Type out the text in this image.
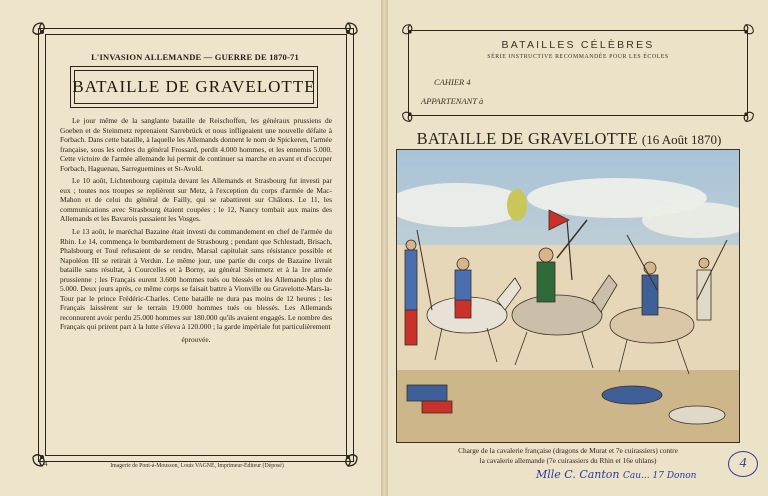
L'INVASION ALLEMANDE — GUERRE DE 1870-71
BATAILLE DE GRAVELOTTE

Le jour même de la sanglante bataille de Reischoffen, les généraux prussiens de Goeben et de Steinmetz reprenaient Sarrebrück et nous infligeaient une nouvelle défaite à Forbach. Dans cette bataille, à laquelle les Allemands donnent le nom de Spickeren, l'armée française, sous les ordres du général Frossard, perdit 4.000 hommes, et les ennemis 5.000. Cette victoire de l'armée allemande lui permit de continuer sa marche en avant et d'occuper Forbach, Haguenau, Sarreguemines et St-Avold.

Le 10 août, Lichtenbourg capitula devant les Allemands et Strasbourg fut investi par eux ; toutes nos troupes se replièrent sur Metz, à l'exception du corps d'armée de Mac-Mahon et de celui du général de Failly, qui se rabattirent sur Châlons. Le 11, les communications avec Strasbourg étaient coupées ; le 12, Nancy tombait aux mains des Allemands et les Bavarois passaient les Vosges.

Le 13 août, le maréchal Bazaine était investi du commandement en chef de l'armée du Rhin. Le 14, commença le bombardement de Strasbourg ; pendant que Schlestadt, Brisach, Phalsbourg et Toul refusaient de se rendre, Marsal capitulait sans résistance possible et Napoléon III se retirait à Verdun. Le même jour, une partie du corps de Bazaine livrait bataille sans résultat, à Courcelles et à Borny, au général Steinmetz et à la 1re armée prussienne ; les Français eurent 3.600 hommes tués ou blessés et les Allemands plus de 5.000. Deux jours après, ce même corps se faisait battre à Vionville ou Gravelotte-Mars-la-Tour par le prince Frédéric-Charles. Cette bataille ne dura pas moins de 12 heures ; les Français laissèrent sur le terrain 19.000 hommes tués ou blessés. Les Allemands reconnurent avoir perdu 25.000 hommes sur 180.000 qu'ils avaient engagés. Le nombre des Français qui prirent part à la lutte s'éleva à 120.000 ; la garde impériale fut particulièrement

éprouvée.

4	Imagerie de Pont-à-Mousson, Louis VAGNÉ, Imprimeur-Éditeur (Déposé)
BATAILLES CÉLÈBRES
SÉRIE INSTRUCTIVE RECOMMANDÉE POUR LES ÉCOLES
CAHIER 4
APPARTENANT à
BATAILLE DE GRAVELOTTE (16 Août 1870)
Charge de la cavalerie française (dragons de Murat et 7e cuirassiers) contre
la cavalerie allemande (7e cuirassiers du Rhin et 16e uhlans)
Mlle C. Canton Cau... 17 Donon
4
